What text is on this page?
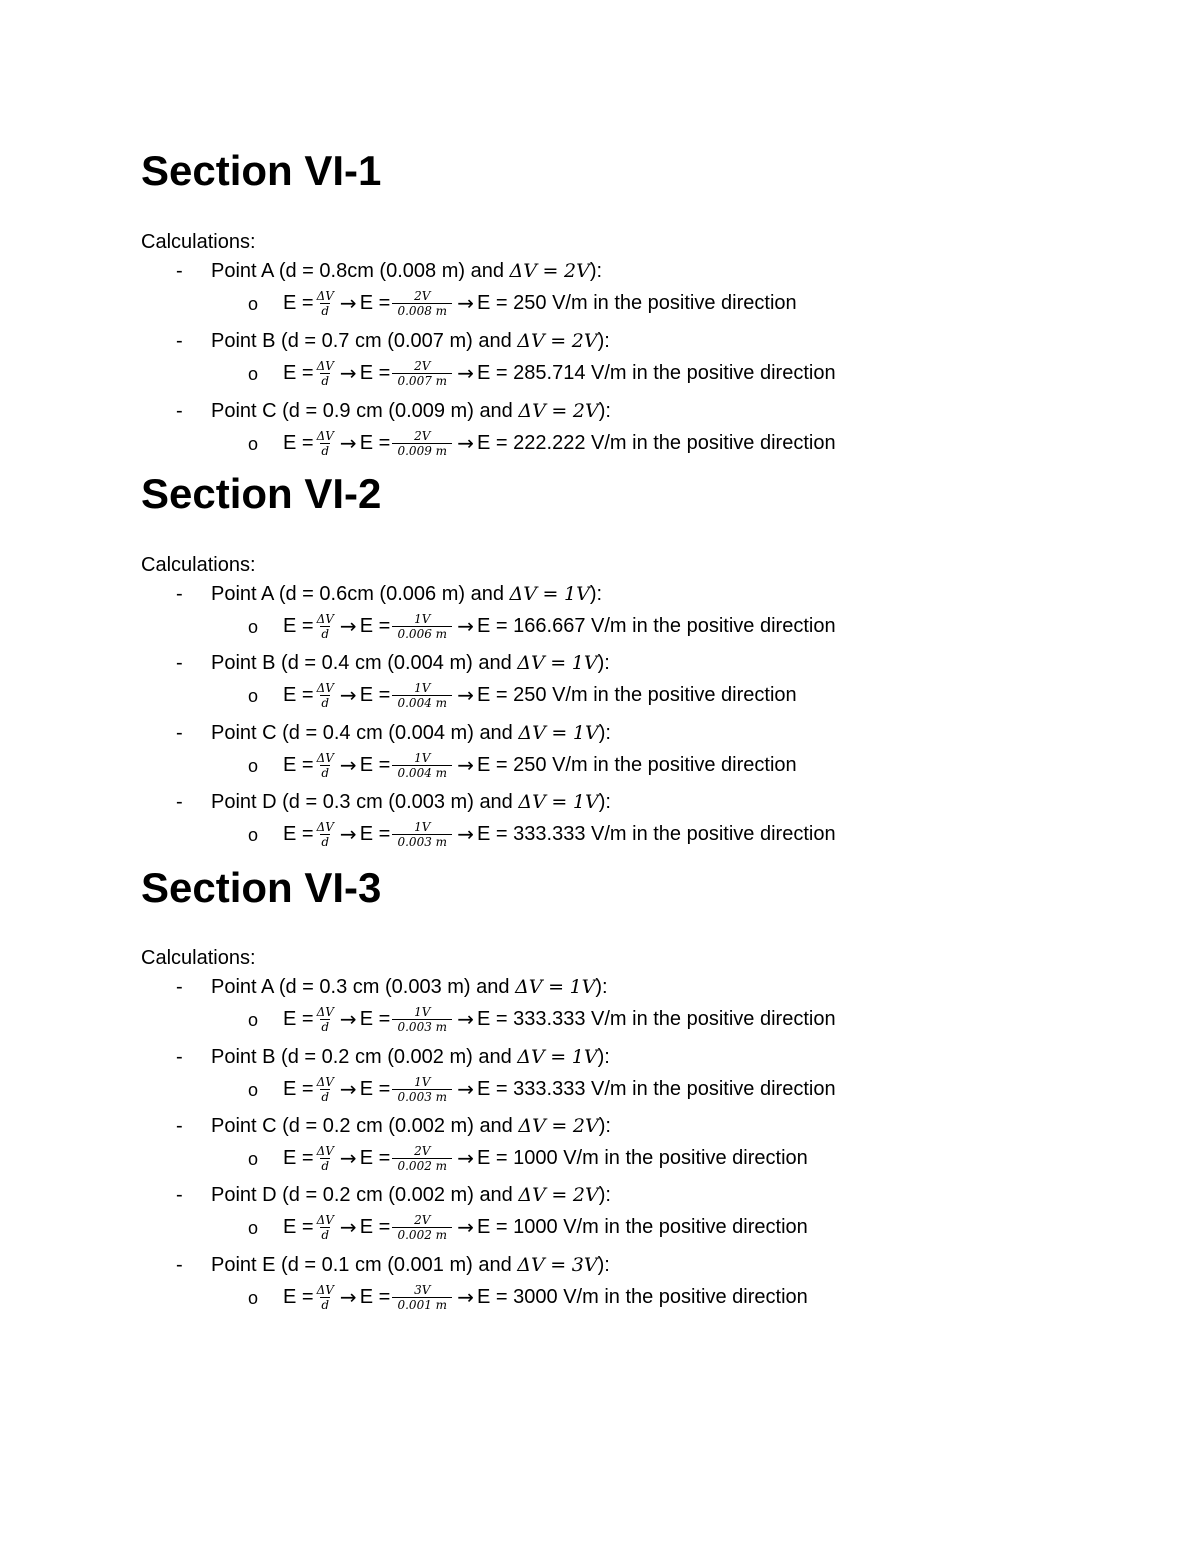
Section VI-1
Calculations:
- Point A (d = 0.8cm (0.008 m) and ΔV = 2V):
o $E = \frac{\Delta V}{d} \to E = \frac{2V}{0.008 m} \to E = 250$ V/m in the positive direction
- Point B (d = 0.7 cm (0.007 m) and ΔV = 2V):
o $E = \frac{\Delta V}{d} \to E = \frac{2V}{0.007 m} \to E = 285.714$ V/m in the positive direction
- Point C (d = 0.9 cm (0.009 m) and ΔV = 2V):
o $E = \frac{\Delta V}{d} \to E = \frac{2V}{0.009 m} \to E = 222.222$ V/m in the positive direction
Section VI-2
Calculations:
- Point A (d = 0.6cm (0.006 m) and ΔV = 1V):
o $E = \frac{\Delta V}{d} \to E = \frac{1V}{0.006 m} \to E = 166.667$ V/m in the positive direction
- Point B (d = 0.4 cm (0.004 m) and ΔV = 1V):
o $E = \frac{\Delta V}{d} \to E = \frac{1V}{0.004 m} \to E = 250$ V/m in the positive direction
- Point C (d = 0.4 cm (0.004 m) and ΔV = 1V):
o $E = \frac{\Delta V}{d} \to E = \frac{1V}{0.004 m} \to E = 250$ V/m in the positive direction
- Point D (d = 0.3 cm (0.003 m) and ΔV = 1V):
o $E = \frac{\Delta V}{d} \to E = \frac{1V}{0.003 m} \to E = 333.333$ V/m in the positive direction
Section VI-3
Calculations:
- Point A (d = 0.3 cm (0.003 m) and ΔV = 1V):
o $E = \frac{\Delta V}{d} \to E = \frac{1V}{0.003 m} \to E = 333.333$ V/m in the positive direction
- Point B (d = 0.2 cm (0.002 m) and ΔV = 1V):
o $E = \frac{\Delta V}{d} \to E = \frac{1V}{0.003 m} \to E = 333.333$ V/m in the positive direction
- Point C (d = 0.2 cm (0.002 m) and ΔV = 2V):
o $E = \frac{\Delta V}{d} \to E = \frac{2V}{0.002 m} \to E = 1000$ V/m in the positive direction
- Point D (d = 0.2 cm (0.002 m) and ΔV = 2V):
o $E = \frac{\Delta V}{d} \to E = \frac{2V}{0.002 m} \to E = 1000$ V/m in the positive direction
- Point E (d = 0.1 cm (0.001 m) and ΔV = 3V):
o $E = \frac{\Delta V}{d} \to E = \frac{3V}{0.001 m} \to E = 3000$ V/m in the positive direction
